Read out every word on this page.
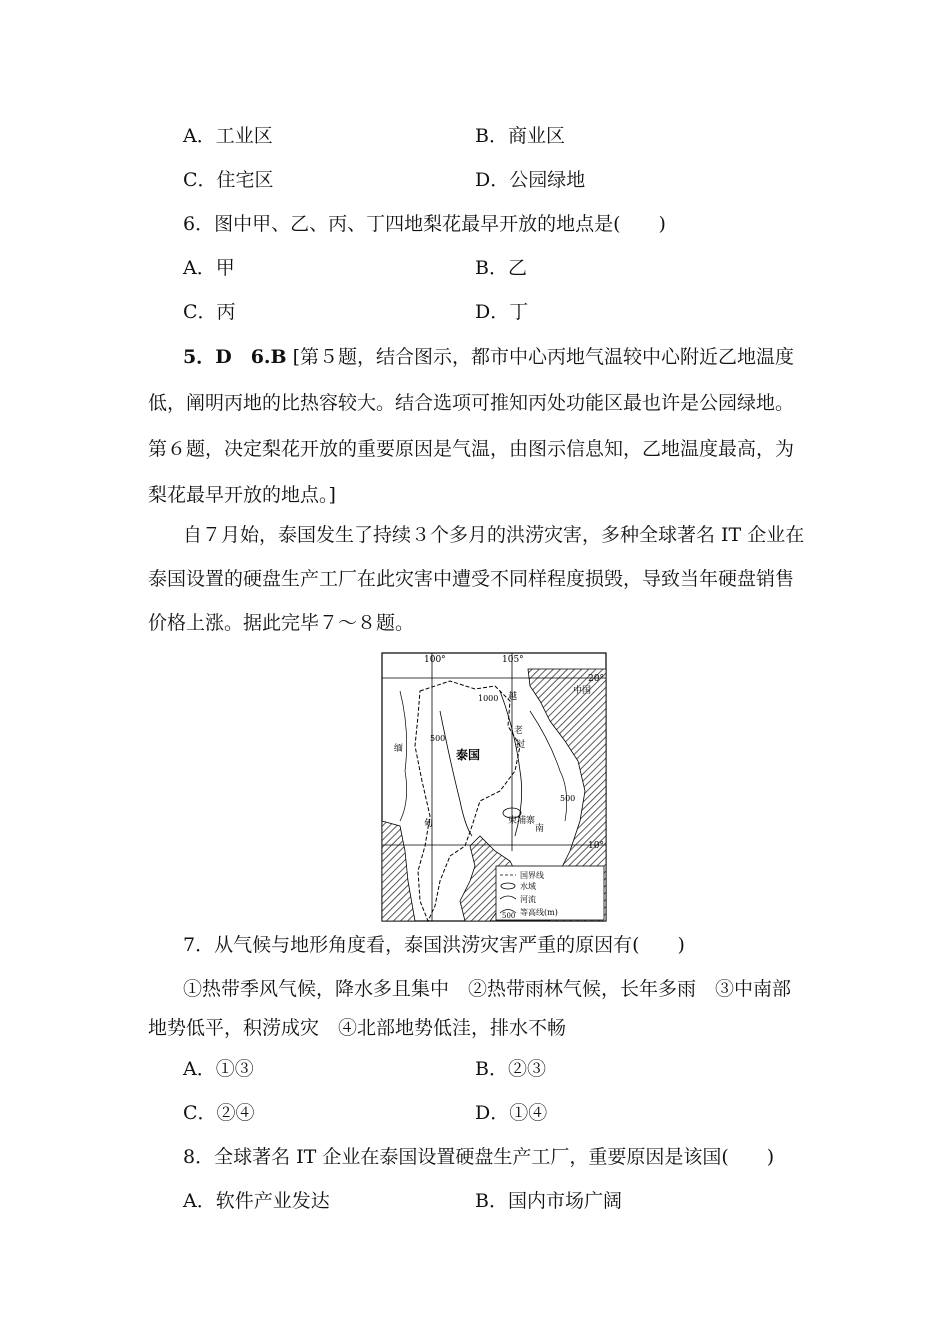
A．工业区	B．商业区
C．住宅区	D．公园绿地
6．图中甲、乙、丙、丁四地梨花最早开放的地点是(　　)
A．甲	B．乙
C．丙	D．丁
5．D　6.B [第５题，结合图示，都市中心丙地气温较中心附近乙地温度
低，阐明丙地的比热容较大。结合选项可推知丙处功能区最也许是公园绿地。
第６题，决定梨花开放的重要原因是气温，由图示信息知，乙地温度最高，为
梨花最早开放的地点。]
自７月始，泰国发生了持续３个多月的洪涝灾害，多种全球著名 IT 企业在
泰国设置的硬盘生产工厂在此灾害中遭受不同样程度损毁，导致当年硬盘销售
价格上涨。据此完毕７～８题。
100°	105°
20°
10°
中国
泰国
柬埔寨
越
老
挝
南
缅
甸
500
500
1000
500
国界线
水域
河流
等高线(m)
7．从气候与地形角度看，泰国洪涝灾害严重的原因有(　　)
①热带季风气候，降水多且集中　②热带雨林气候，长年多雨　③中南部
地势低平，积涝成灾　④北部地势低洼，排水不畅
A．①③	B．②③
C．②④	D．①④
8．全球著名 IT 企业在泰国设置硬盘生产工厂，重要原因是该国(　　)
A．软件产业发达	B．国内市场广阔
